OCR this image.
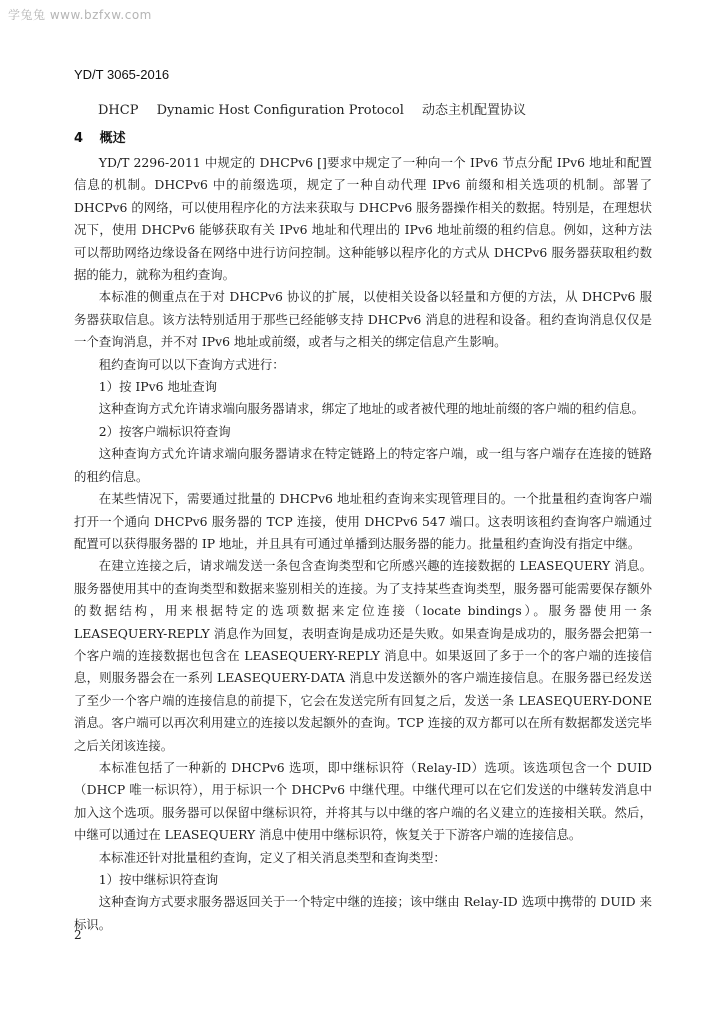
学兔兔 www.bzfxw.com
YD/T 3065-2016
DHCP Dynamic Host Configuration Protocol 动态主机配置协议
4 概述

YD/T 2296-2011 中规定的 DHCPv6 []要求中规定了一种向一个 IPv6 节点分配 IPv6 地址和配置信息的机制。DHCPv6 中的前缀选项，规定了一种自动代理 IPv6 前缀和相关选项的机制。部署了 DHCPv6 的网络，可以使用程序化的方法来获取与 DHCPv6 服务器操作相关的数据。特别是，在理想状况下，使用 DHCPv6 能够获取有关 IPv6 地址和代理出的 IPv6 地址前缀的租约信息。例如，这种方法可以帮助网络边缘设备在网络中进行访问控制。这种能够以程序化的方式从 DHCPv6 服务器获取租约数据的能力，就称为租约查询。

本标准的侧重点在于对 DHCPv6 协议的扩展，以使相关设备以轻量和方便的方法，从 DHCPv6 服务器获取信息。该方法特别适用于那些已经能够支持 DHCPv6 消息的进程和设备。租约查询消息仅仅是一个查询消息，并不对 IPv6 地址或前缀，或者与之相关的绑定信息产生影响。

租约查询可以以下查询方式进行：

1）按 IPv6 地址查询

这种查询方式允许请求端向服务器请求，绑定了地址的或者被代理的地址前缀的客户端的租约信息。

2）按客户端标识符查询

这种查询方式允许请求端向服务器请求在特定链路上的特定客户端，或一组与客户端存在连接的链路的租约信息。

在某些情况下，需要通过批量的 DHCPv6 地址租约查询来实现管理目的。一个批量租约查询客户端打开一个通向 DHCPv6 服务器的 TCP 连接，使用 DHCPv6 547 端口。这表明该租约查询客户端通过配置可以获得服务器的 IP 地址，并且具有可通过单播到达服务器的能力。批量租约查询没有指定中继。

在建立连接之后，请求端发送一条包含查询类型和它所感兴趣的连接数据的 LEASEQUERY 消息。服务器使用其中的查询类型和数据来鉴别相关的连接。为了支持某些查询类型，服务器可能需要保存额外的数据结构，用来根据特定的选项数据来定位连接（locate bindings）。服务器使用一条 LEASEQUERY-REPLY 消息作为回复，表明查询是成功还是失败。如果查询是成功的，服务器会把第一个客户端的连接数据也包含在 LEASEQUERY-REPLY 消息中。如果返回了多于一个的客户端的连接信息，则服务器会在一系列 LEASEQUERY-DATA 消息中发送额外的客户端连接信息。在服务器已经发送了至少一个客户端的连接信息的前提下，它会在发送完所有回复之后，发送一条 LEASEQUERY-DONE 消息。客户端可以再次利用建立的连接以发起额外的查询。TCP 连接的双方都可以在所有数据都发送完毕之后关闭该连接。

本标准包括了一种新的 DHCPv6 选项，即中继标识符（Relay-ID）选项。该选项包含一个 DUID（DHCP 唯一标识符），用于标识一个 DHCPv6 中继代理。中继代理可以在它们发送的中继转发消息中加入这个选项。服务器可以保留中继标识符，并将其与以中继的客户端的名义建立的连接相关联。然后，中继可以通过在 LEASEQUERY 消息中使用中继标识符，恢复关于下游客户端的连接信息。

本标准还针对批量租约查询，定义了相关消息类型和查询类型：

1）按中继标识符查询

这种查询方式要求服务器返回关于一个特定中继的连接；该中继由 Relay-ID 选项中携带的 DUID 来标识。

2
